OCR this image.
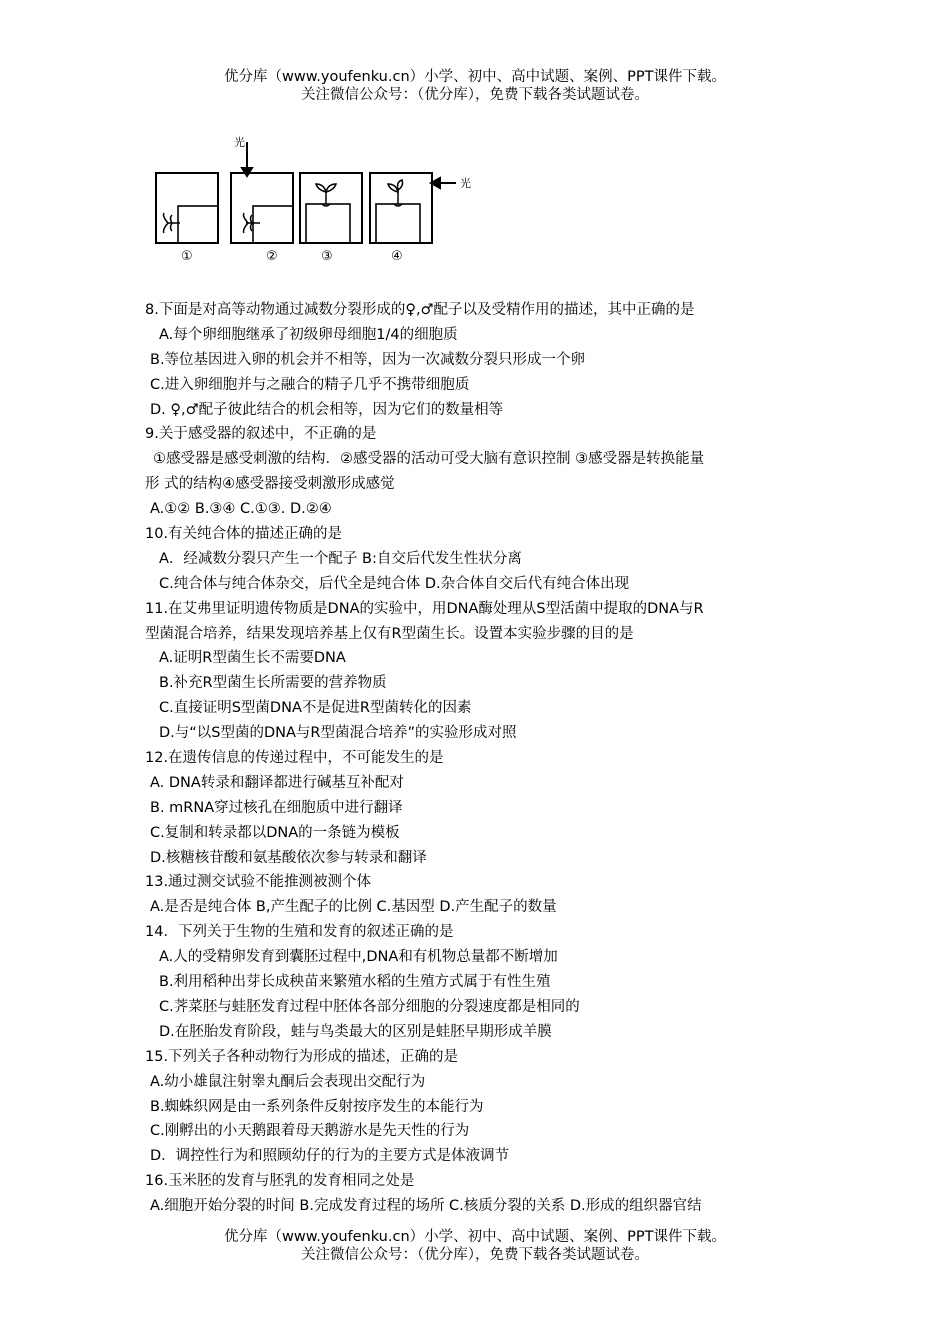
优分库（www.youfenku.cn）小学、初中、高中试题、案例、PPT课件下载。
关注微信公众号：（优分库），免费下载各类试题试卷。
光
光
①	②	③	④
8.下面是对高等动物通过减数分裂形成的♀,♂配子以及受精作用的描述，其中正确的是
A.每个卵细胞继承了初级卵母细胞1/4的细胞质
B.等位基因进入卵的机会并不相等，因为一次减数分裂只形成一个卵
C.进入卵细胞并与之融合的精子几乎不携带细胞质
D. ♀,♂配子彼此结合的机会相等，因为它们的数量相等
9.关于感受器的叙述中，不正确的是
①感受器是感受刺激的结构．②感受器的活动可受大脑有意识控制 ③感受器是转换能量
形 式的结构④感受器接受刺激形成感觉
A.①② B.③④ C.①③. D.②④
10.有关纯合体的描述正确的是
A．经减数分裂只产生一个配子 B:自交后代发生性状分离
C.纯合体与纯合体杂交，后代全是纯合体 D.杂合体自交后代有纯合体出现
11.在艾弗里证明遗传物质是DNA的实验中，用DNA酶处理从S型活菌中提取的DNA与R
型菌混合培养，结果发现培养基上仅有R型菌生长。设置本实验步骤的目的是
A.证明R型菌生长不需要DNA
B.补充R型菌生长所需要的营养物质
C.直接证明S型菌DNA不是促进R型菌转化的因素
D.与“以S型菌的DNA与R型菌混合培养”的实验形成对照
12.在遗传信息的传递过程中，不可能发生的是
A. DNA转录和翻译都进行碱基互补配对
B. mRNA穿过核孔在细胞质中进行翻译
C.复制和转录都以DNA的一条链为模板
D.核糖核苷酸和氨基酸依次参与转录和翻译
13.通过测交试验不能推测被测个体
A.是否是纯合体 B,产生配子的比例 C.基因型 D.产生配子的数量
14．下列关于生物的生殖和发育的叙述正确的是
A.人的受精卵发育到囊胚过程中,DNA和有机物总量都不断增加
B.利用稻种出芽长成秧苗来繁殖水稻的生殖方式属于有性生殖
C.荠菜胚与蛙胚发育过程中胚体各部分细胞的分裂速度都是相同的
D.在胚胎发育阶段，蛙与鸟类最大的区别是蛙胚早期形成羊膜
15.下列关子各种动物行为形成的描述，正确的是
A.幼小雄鼠注射睾丸酮后会表现出交配行为
B.蜘蛛织网是由一系列条件反射按序发生的本能行为
C.刚孵出的小天鹅跟着母天鹅游水是先天性的行为
D．调控性行为和照顾幼仔的行为的主要方式是体液调节
16.玉米胚的发育与胚乳的发育相同之处是
A.细胞开始分裂的时间 B.完成发育过程的场所 C.核质分裂的关系 D.形成的组织器官结
优分库（www.youfenku.cn）小学、初中、高中试题、案例、PPT课件下载。
关注微信公众号：（优分库），免费下载各类试题试卷。
